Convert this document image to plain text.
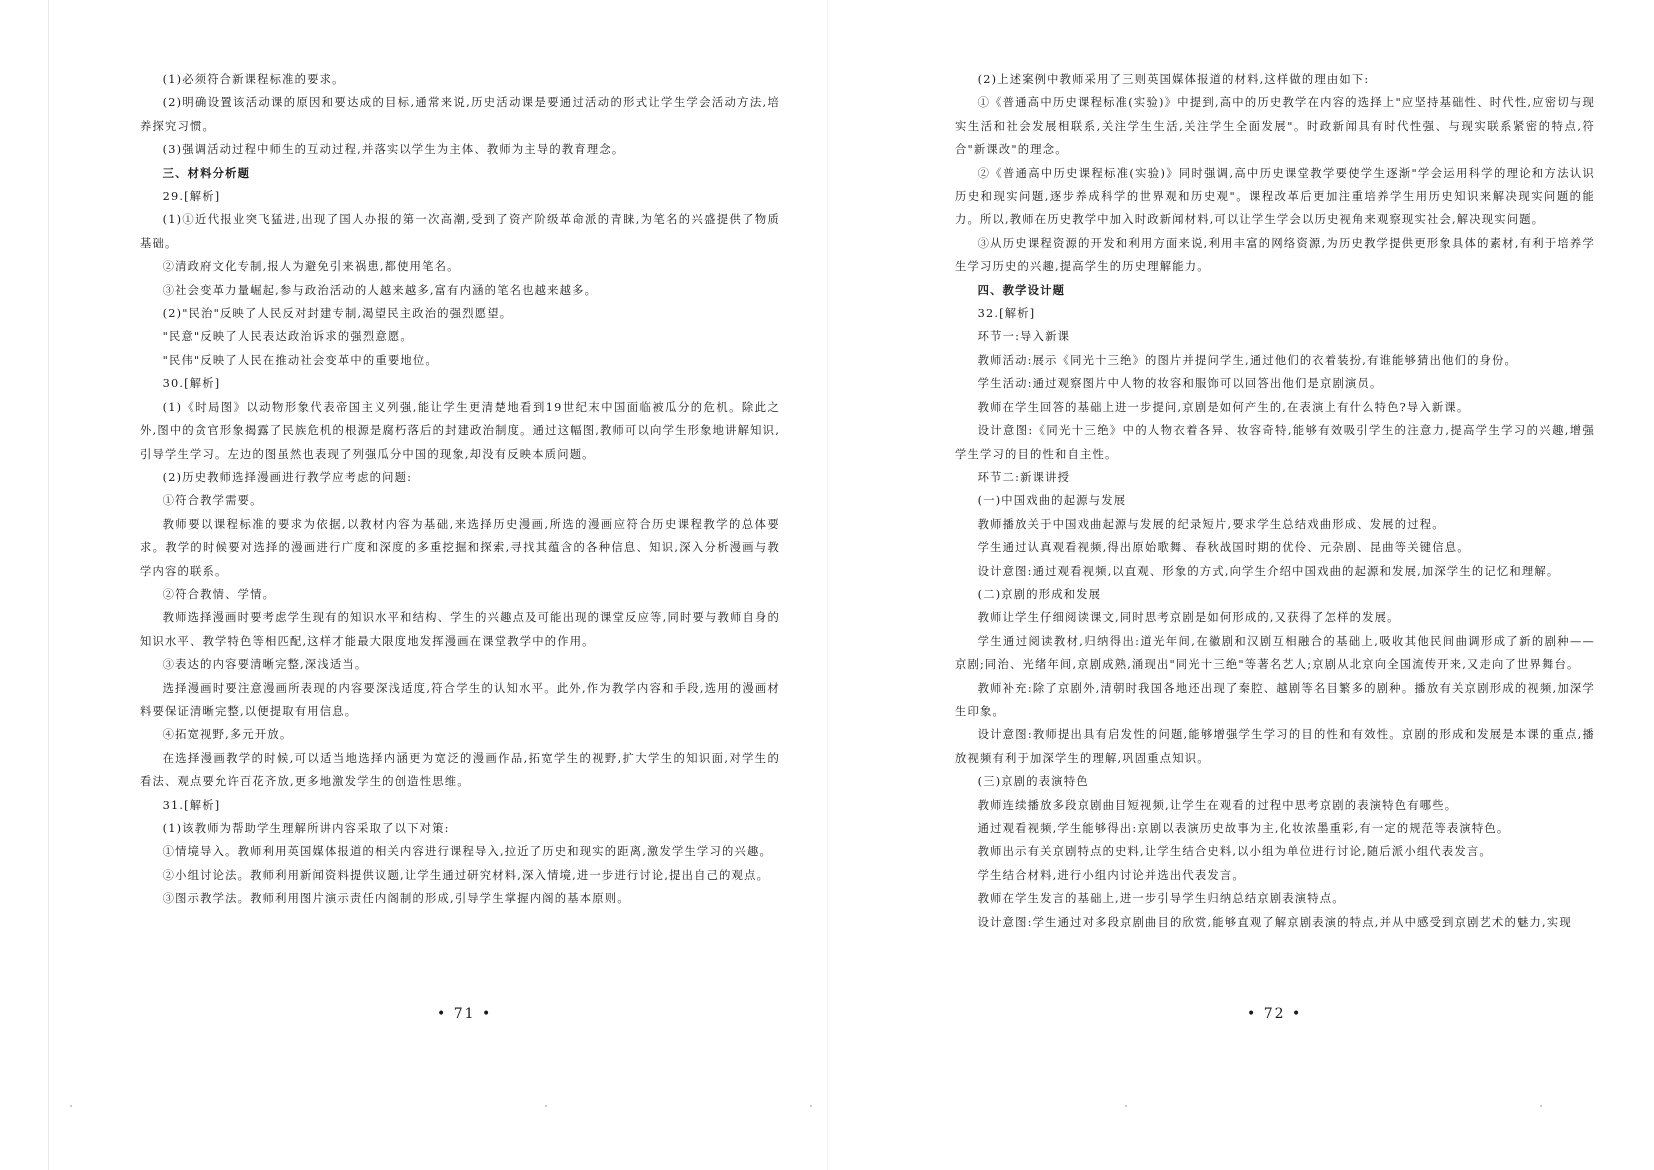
(1)必须符合新课程标准的要求。

(2)明确设置该活动课的原因和要达成的目标,通常来说,历史活动课是要通过活动的形式让学生学会活动方法,培养探究习惯。

(3)强调活动过程中师生的互动过程,并落实以学生为主体、教师为主导的教育理念。

三、材料分析题

29.[解析]

(1)①近代报业突飞猛进,出现了国人办报的第一次高潮,受到了资产阶级革命派的青睐,为笔名的兴盛提供了物质基础。

②清政府文化专制,报人为避免引来祸患,都使用笔名。

③社会变革力量崛起,参与政治活动的人越来越多,富有内涵的笔名也越来越多。

(2)"民治"反映了人民反对封建专制,渴望民主政治的强烈愿望。

"民意"反映了人民表达政治诉求的强烈意愿。

"民伟"反映了人民在推动社会变革中的重要地位。

30.[解析]

(1)《时局图》以动物形象代表帝国主义列强,能让学生更清楚地看到19世纪末中国面临被瓜分的危机。除此之外,图中的贪官形象揭露了民族危机的根源是腐朽落后的封建政治制度。通过这幅图,教师可以向学生形象地讲解知识,引导学生学习。左边的图虽然也表现了列强瓜分中国的现象,却没有反映本质问题。

(2)历史教师选择漫画进行教学应考虑的问题:

①符合教学需要。

教师要以课程标准的要求为依据,以教材内容为基础,来选择历史漫画,所选的漫画应符合历史课程教学的总体要求。教学的时候要对选择的漫画进行广度和深度的多重挖掘和探索,寻找其蕴含的各种信息、知识,深入分析漫画与教学内容的联系。

②符合教情、学情。

教师选择漫画时要考虑学生现有的知识水平和结构、学生的兴趣点及可能出现的课堂反应等,同时要与教师自身的知识水平、教学特色等相匹配,这样才能最大限度地发挥漫画在课堂教学中的作用。

③表达的内容要清晰完整,深浅适当。

选择漫画时要注意漫画所表现的内容要深浅适度,符合学生的认知水平。此外,作为教学内容和手段,选用的漫画材料要保证清晰完整,以便提取有用信息。

④拓宽视野,多元开放。

在选择漫画教学的时候,可以适当地选择内涵更为宽泛的漫画作品,拓宽学生的视野,扩大学生的知识面,对学生的看法、观点要允许百花齐放,更多地激发学生的创造性思维。

31.[解析]

(1)该教师为帮助学生理解所讲内容采取了以下对策:

①情境导入。教师利用英国媒体报道的相关内容进行课程导入,拉近了历史和现实的距离,激发学生学习的兴趣。

②小组讨论法。教师利用新闻资料提供议题,让学生通过研究材料,深入情境,进一步进行讨论,提出自己的观点。

③图示教学法。教师利用图片演示责任内阁制的形成,引导学生掌握内阁的基本原则。

(2)上述案例中教师采用了三则英国媒体报道的材料,这样做的理由如下:

①《普通高中历史课程标准(实验)》中提到,高中的历史教学在内容的选择上"应坚持基础性、时代性,应密切与现实生活和社会发展相联系,关注学生生活,关注学生全面发展"。时政新闻具有时代性强、与现实联系紧密的特点,符合"新课改"的理念。

②《普通高中历史课程标准(实验)》同时强调,高中历史课堂教学要使学生逐渐"学会运用科学的理论和方法认识历史和现实问题,逐步养成科学的世界观和历史观"。课程改革后更加注重培养学生用历史知识来解决现实问题的能力。所以,教师在历史教学中加入时政新闻材料,可以让学生学会以历史视角来观察现实社会,解决现实问题。

③从历史课程资源的开发和利用方面来说,利用丰富的网络资源,为历史教学提供更形象具体的素材,有利于培养学生学习历史的兴趣,提高学生的历史理解能力。

四、教学设计题

32.[解析]

环节一:导入新课

教师活动:展示《同光十三绝》的图片并提问学生,通过他们的衣着装扮,有谁能够猜出他们的身份。

学生活动:通过观察图片中人物的妆容和服饰可以回答出他们是京剧演员。

教师在学生回答的基础上进一步提问,京剧是如何产生的,在表演上有什么特色?导入新课。

设计意图:《同光十三绝》中的人物衣着各异、妆容奇特,能够有效吸引学生的注意力,提高学生学习的兴趣,增强学生学习的目的性和自主性。

环节二:新课讲授

(一)中国戏曲的起源与发展

教师播放关于中国戏曲起源与发展的纪录短片,要求学生总结戏曲形成、发展的过程。

学生通过认真观看视频,得出原始歌舞、春秋战国时期的优伶、元杂剧、昆曲等关键信息。

设计意图:通过观看视频,以直观、形象的方式,向学生介绍中国戏曲的起源和发展,加深学生的记忆和理解。

(二)京剧的形成和发展

教师让学生仔细阅读课文,同时思考京剧是如何形成的,又获得了怎样的发展。

学生通过阅读教材,归纳得出:道光年间,在徽剧和汉剧互相融合的基础上,吸收其他民间曲调形成了新的剧种——京剧;同治、光绪年间,京剧成熟,涌现出"同光十三绝"等著名艺人;京剧从北京向全国流传开来,又走向了世界舞台。

教师补充:除了京剧外,清朝时我国各地还出现了秦腔、越剧等名目繁多的剧种。播放有关京剧形成的视频,加深学生印象。

设计意图:教师提出具有启发性的问题,能够增强学生学习的目的性和有效性。京剧的形成和发展是本课的重点,播放视频有利于加深学生的理解,巩固重点知识。

(三)京剧的表演特色

教师连续播放多段京剧曲目短视频,让学生在观看的过程中思考京剧的表演特色有哪些。

通过观看视频,学生能够得出:京剧以表演历史故事为主,化妆浓墨重彩,有一定的规范等表演特色。

教师出示有关京剧特点的史料,让学生结合史料,以小组为单位进行讨论,随后派小组代表发言。

学生结合材料,进行小组内讨论并选出代表发言。

教师在学生发言的基础上,进一步引导学生归纳总结京剧表演特点。

设计意图:学生通过对多段京剧曲目的欣赏,能够直观了解京剧表演的特点,并从中感受到京剧艺术的魅力,实现

• 71 •	• 72 •
